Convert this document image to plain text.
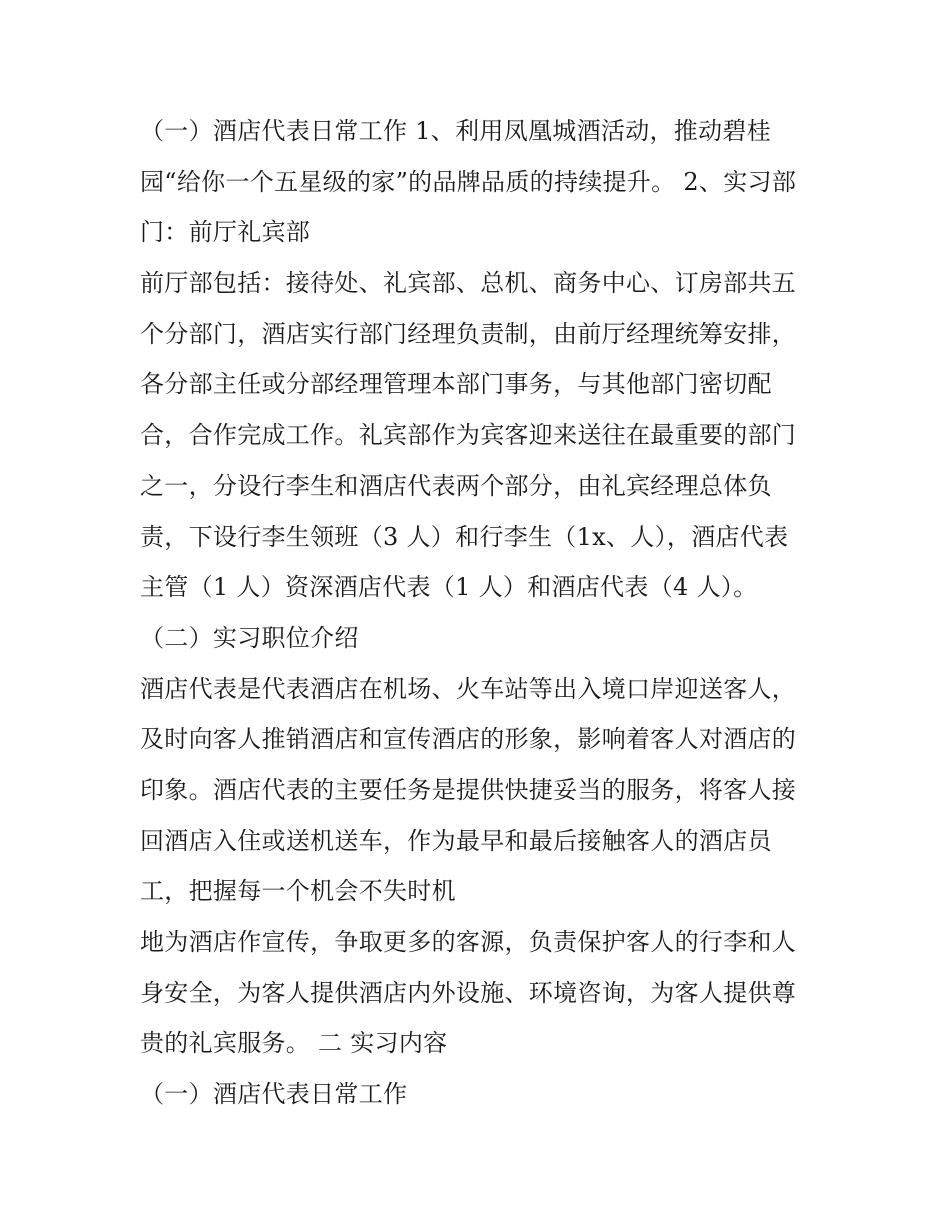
（一）酒店代表日常工作 1、利用凤凰城酒活动，推动碧桂
园“给你一个五星级的家”的品牌品质的持续提升。 2、实习部
门：前厅礼宾部
前厅部包括：接待处、礼宾部、总机、商务中心、订房部共五
个分部门，酒店实行部门经理负责制，由前厅经理统筹安排，
各分部主任或分部经理管理本部门事务，与其他部门密切配
合，合作完成工作。礼宾部作为宾客迎来送往在最重要的部门
之一，分设行李生和酒店代表两个部分，由礼宾经理总体负
责，下设行李生领班（3 人）和行李生（1x、人），酒店代表
主管（1 人）资深酒店代表（1 人）和酒店代表（4 人）。
（二）实习职位介绍
酒店代表是代表酒店在机场、火车站等出入境口岸迎送客人，
及时向客人推销酒店和宣传酒店的形象，影响着客人对酒店的
印象。酒店代表的主要任务是提供快捷妥当的服务，将客人接
回酒店入住或送机送车，作为最早和最后接触客人的酒店员
工，把握每一个机会不失时机
地为酒店作宣传，争取更多的客源，负责保护客人的行李和人
身安全，为客人提供酒店内外设施、环境咨询，为客人提供尊
贵的礼宾服务。 二 实习内容
（一）酒店代表日常工作
